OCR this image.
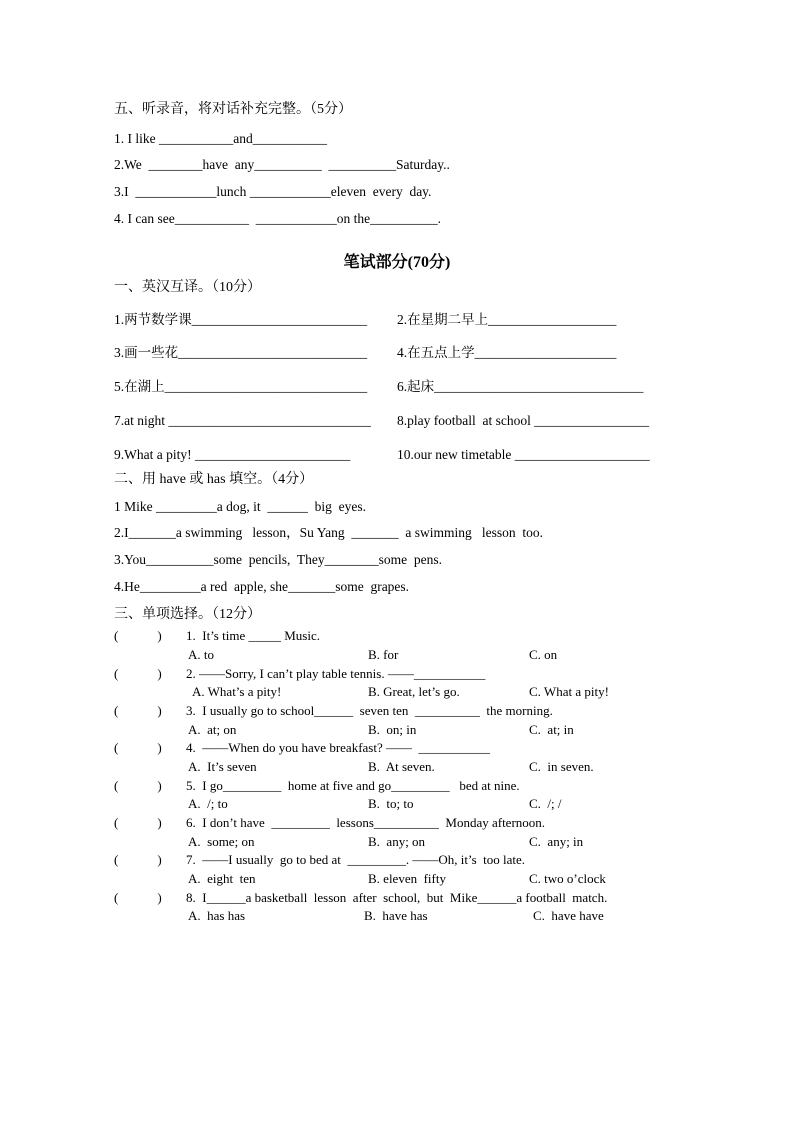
五、听录音，将对话补充完整。（5分）
1. I like ___________and___________
2.We  ________have  any__________  __________Saturday..
3.I  ____________lunch ____________eleven  every  day.
4. I can see___________  ____________on the__________.
笔试部分(70分)
一、英汉互译。（10分）
1.两节数学课__________________________ 2.在星期二早上___________________
3.画一些花____________________________ 4.在五点上学_____________________
5.在湖上______________________________ 6.起床_______________________________
7.at night ______________________________ 8.play football  at school _________________
9.What a pity! _______________________	10.our new timetable ____________________
二、用 have 或 has 填空。（4分）
1 Mike _________a dog, it  ______  big  eyes.
2.I_______a swimming   lesson，Su Yang  _______  a swimming   lesson  too.
3.You__________some  pencils,  They________some  pens.
4.He_________a red  apple, she_______some  grapes.
三、单项选择。（12分）
(            ) 1.  It’s time _____ Music.
A. to	B. for	C. on
(            ) 2. ——Sorry, I can’t play table tennis. ——___________
A. What’s a pity!	B. Great, let’s go.	C. What a pity!
(            ) 3.  I usually go to school______  seven ten  __________  the morning.
A.  at; on	B.  on; in	C.  at; in
(            ) 4.  ——When do you have breakfast? ——  ___________
A.  It’s seven	B.  At seven.	C.  in seven.
(            ) 5.  I go_________  home at five and go_________   bed at nine.
A.  /; to	B.  to; to	C.  /; /
(            ) 6.  I don’t have  _________  lessons__________  Monday afternoon.
A.  some; on	B.  any; on	C.  any; in
(            ) 7.  ——I usually  go to bed at  _________. ——Oh, it’s  too late.
A.  eight  ten	B. eleven  fifty	C. two o’clock
(            ) 8.  I______a basketball  lesson  after  school,  but  Mike______a football  match.
A.  has has	B.  have has	C.  have have
